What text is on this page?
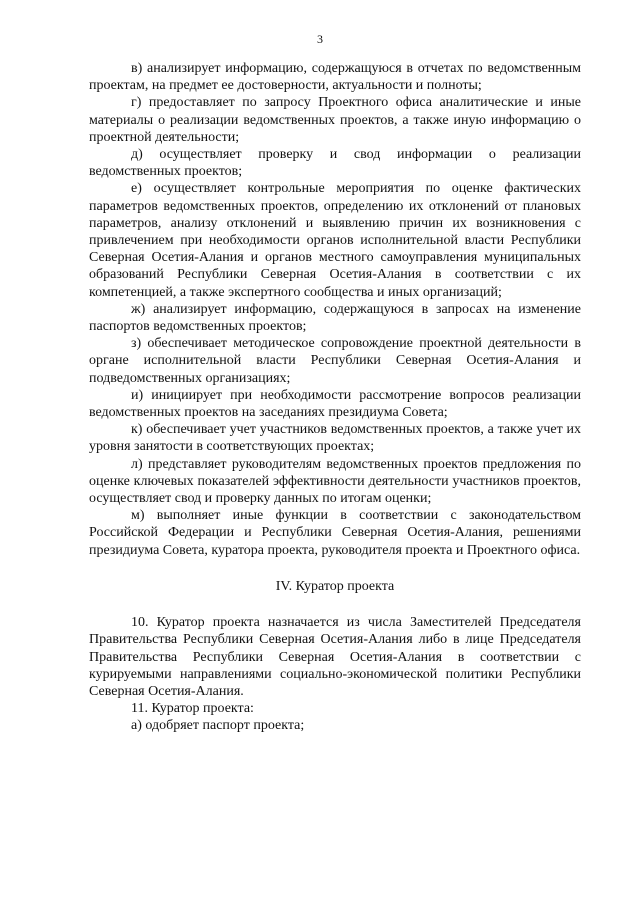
3

в) анализирует информацию, содержащуюся в отчетах по ведомственным проектам, на предмет ее достоверности, актуальности и полноты;

г) предоставляет по запросу Проектного офиса аналитические и иные материалы о реализации ведомственных проектов, а также иную информацию о проектной деятельности;

д) осуществляет проверку и свод информации о реализации ведомственных проектов;

е) осуществляет контрольные мероприятия по оценке фактических параметров ведомственных проектов, определению их отклонений от плановых параметров, анализу отклонений и выявлению причин их возникновения с привлечением при необходимости органов исполнительной власти Республики Северная Осетия-Алания и органов местного самоуправления муниципальных образований Республики Северная Осетия-Алания в соответствии с их компетенцией, а также экспертного сообщества и иных организаций;

ж) анализирует информацию, содержащуюся в запросах на изменение паспортов ведомственных проектов;

з) обеспечивает методическое сопровождение проектной деятельности в органе исполнительной власти Республики Северная Осетия-Алания и подведомственных организациях;

и) инициирует при необходимости рассмотрение вопросов реализации ведомственных проектов на заседаниях президиума Совета;

к) обеспечивает учет участников ведомственных проектов, а также учет их уровня занятости в соответствующих проектах;

л) представляет руководителям ведомственных проектов предложения по оценке ключевых показателей эффективности деятельности участников проектов, осуществляет свод и проверку данных по итогам оценки;

м) выполняет иные функции в соответствии с законодательством Российской Федерации и Республики Северная Осетия-Алания, решениями президиума Совета, куратора проекта, руководителя проекта и Проектного офиса.

IV. Куратор проекта

10. Куратор проекта назначается из числа Заместителей Председателя Правительства Республики Северная Осетия-Алания либо в лице Председателя Правительства Республики Северная Осетия-Алания в соответствии с курируемыми направлениями социально-экономической политики Республики Северная Осетия-Алания.

11. Куратор проекта:

а) одобряет паспорт проекта;
